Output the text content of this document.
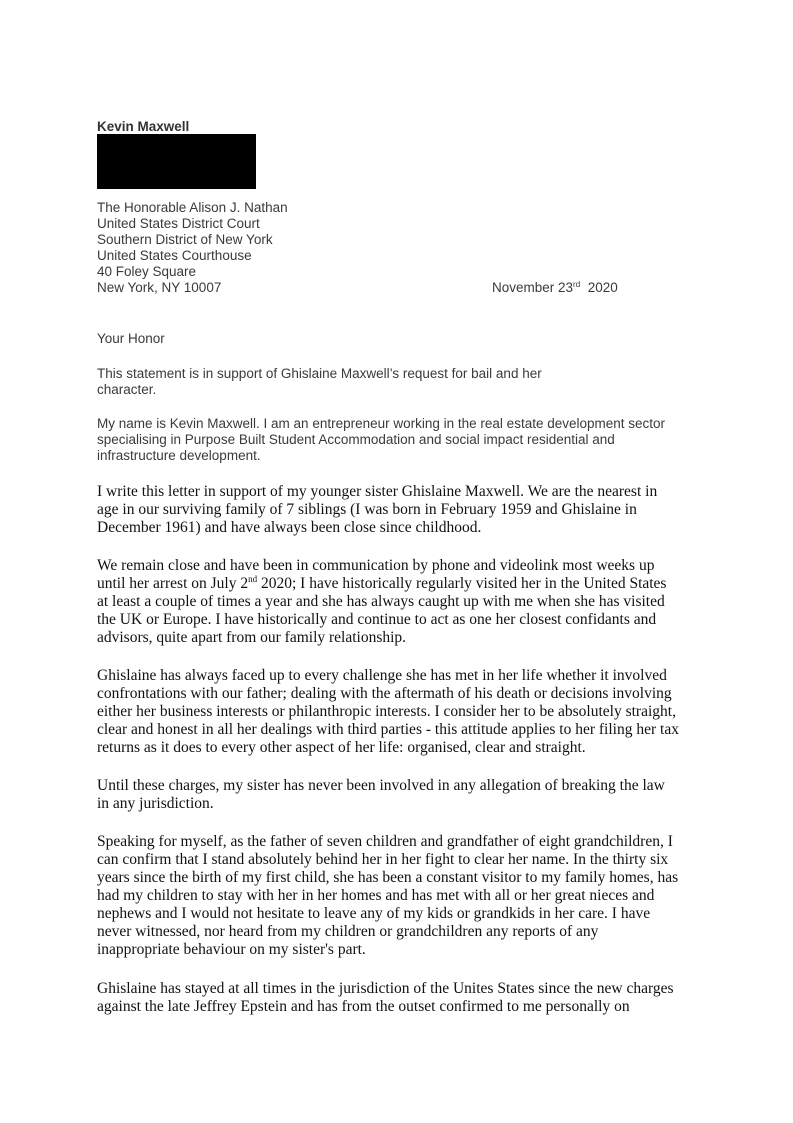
Kevin Maxwell
The Honorable Alison J. Nathan
United States District Court
Southern District of New York
United States Courthouse
40 Foley Square
New York, NY 10007	November 23rd 2020
Your Honor
This statement is in support of Ghislaine Maxwell’s request for bail and her
character.
My name is Kevin Maxwell. I am an entrepreneur working in the real estate development sector
specialising in Purpose Built Student Accommodation and social impact residential and
infrastructure development.
I write this letter in support of my younger sister Ghislaine Maxwell. We are the nearest in
age in our surviving family of 7 siblings (I was born in February 1959 and Ghislaine in
December 1961) and have always been close since childhood.
We remain close and have been in communication by phone and videolink most weeks up
until her arrest on July 2nd 2020; I have historically regularly visited her in the United States
at least a couple of times a year and she has always caught up with me when she has visited
the UK or Europe. I have historically and continue to act as one her closest confidants and
advisors, quite apart from our family relationship.
Ghislaine has always faced up to every challenge she has met in her life whether it involved
confrontations with our father; dealing with the aftermath of his death or decisions involving
either her business interests or philanthropic interests. I consider her to be absolutely straight,
clear and honest in all her dealings with third parties - this attitude applies to her filing her tax
returns as it does to every other aspect of her life: organised, clear and straight.
Until these charges, my sister has never been involved in any allegation of breaking the law
in any jurisdiction.
Speaking for myself, as the father of seven children and grandfather of eight grandchildren, I
can confirm that I stand absolutely behind her in her fight to clear her name. In the thirty six
years since the birth of my first child, she has been a constant visitor to my family homes, has
had my children to stay with her in her homes and has met with all or her great nieces and
nephews and I would not hesitate to leave any of my kids or grandkids in her care. I have
never witnessed, nor heard from my children or grandchildren any reports of any
inappropriate behaviour on my sister's part.
Ghislaine has stayed at all times in the jurisdiction of the Unites States since the new charges
against the late Jeffrey Epstein and has from the outset confirmed to me personally on
